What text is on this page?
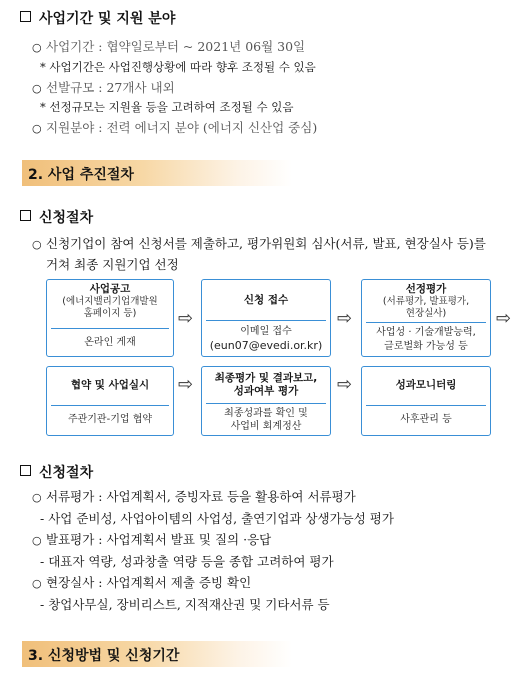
사업기간 및 지원 분야
○ 사업기간 : 협약일로부터 ~ 2021년 06월 30일
* 사업기간은 사업진행상황에 따라 향후 조정될 수 있음
○ 선발규모 : 27개사 내외
* 선정규모는 지원율 등을 고려하여 조정될 수 있음
○ 지원분야 : 전력 에너지 분야 (에너지 신산업 중심)
2. 사업 추진절차
신청절차
○ 신청기업이 참여 신청서를 제출하고, 평가위원회 심사(서류, 발표, 현장실사 등)를
거쳐 최종 지원기업 선정
사업공고
(에너지밸리기업개발원
홈페이지 등)
온라인 게재
⇨
신청 접수
이메일 접수
(eun07@evedi.or.kr)
⇨
선정평가
(서류평가, 발표평가,
현장실사)
사업성 · 기술개발능력,
글로벌화 가능성 등
⇨
협약 및 사업실시
주관기관-기업 협약
⇨	최종평가 및 결과보고,
성과여부 평가
최종성과를 확인 및
사업비 회계정산
⇨	성과모니터링
사후관리 등
신청절차
○ 서류평가 : 사업계획서, 증빙자료 등을 활용하여 서류평가
- 사업 준비성, 사업아이템의 사업성, 출연기업과 상생가능성 평가
○ 발표평가 : 사업계획서 발표 및 질의 ·응답
- 대표자 역량, 성과창출 역량 등을 종합 고려하여 평가
○ 현장실사 : 사업계획서 제출 증빙 확인
- 창업사무실, 장비리스트, 지적재산권 및 기타서류 등
3. 신청방법 및 신청기간
